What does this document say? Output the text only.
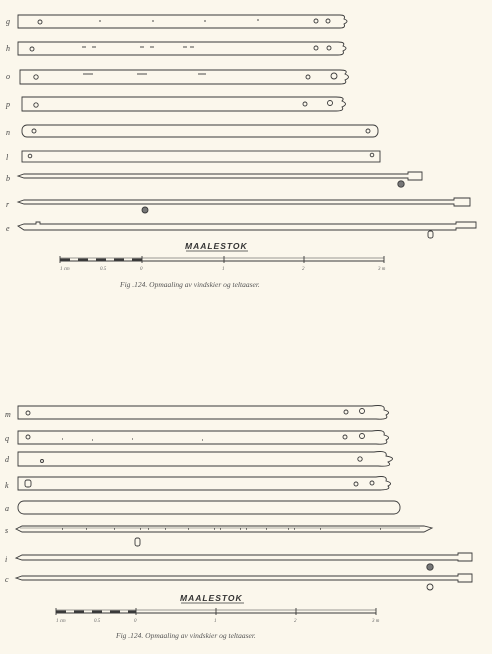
g
h
o
p
n
l
b
r
e
MAALESTOK
1 cm	0.5	0	1	2	3 m
Fig .124. Opmaaling av vindskier og teltaaser.
m
q
d
k
a
s
i
c
MAALESTOK
1 cm	0.5	0	1	2	3 m
Fig .124. Opmaaling av vindskier og teltaaser.
